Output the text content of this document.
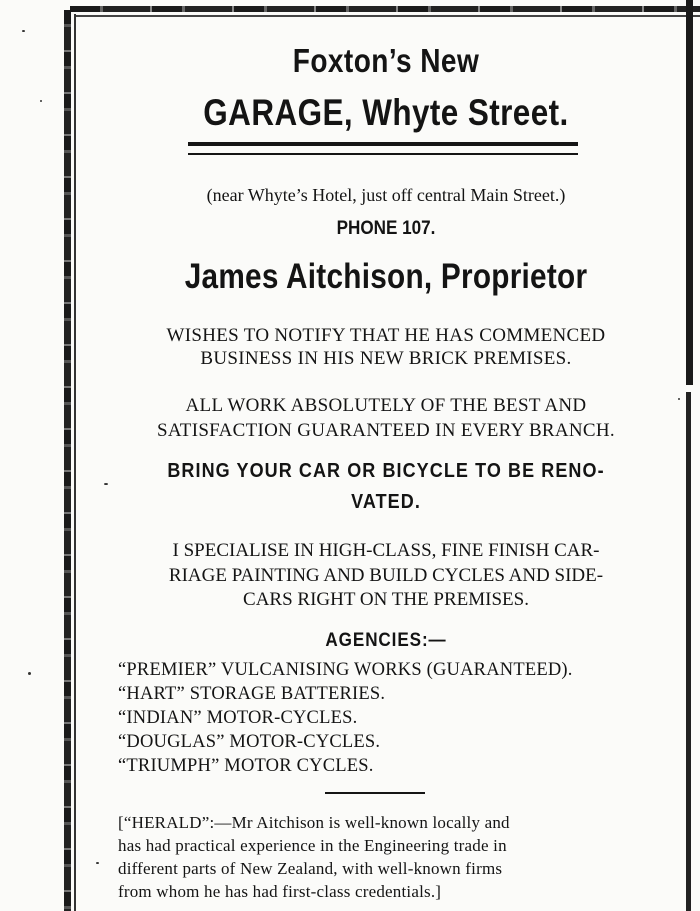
Foxton’s New
GARAGE, Whyte Street.
(near Whyte’s Hotel, just off central Main Street.)
PHONE 107.
James Aitchison, Proprietor
WISHES TO NOTIFY THAT HE HAS COMMENCED
BUSINESS IN HIS NEW BRICK PREMISES.
ALL WORK ABSOLUTELY OF THE BEST AND
SATISFACTION GUARANTEED IN EVERY BRANCH.
BRING YOUR CAR OR BICYCLE TO BE RENO-
VATED.
I SPECIALISE IN HIGH-CLASS, FINE FINISH CAR-
RIAGE PAINTING AND BUILD CYCLES AND SIDE-
CARS RIGHT ON THE PREMISES.
AGENCIES:—
“PREMIER” VULCANISING WORKS (GUARANTEED).
“HART” STORAGE BATTERIES.
“INDIAN” MOTOR-CYCLES.
“DOUGLAS” MOTOR-CYCLES.
“TRIUMPH” MOTOR CYCLES.
[“HERALD”:—Mr Aitchison is well-known locally and
has had practical experience in the Engineering trade in
different parts of New Zealand, with well-known firms
from whom he has had first-class credentials.]
